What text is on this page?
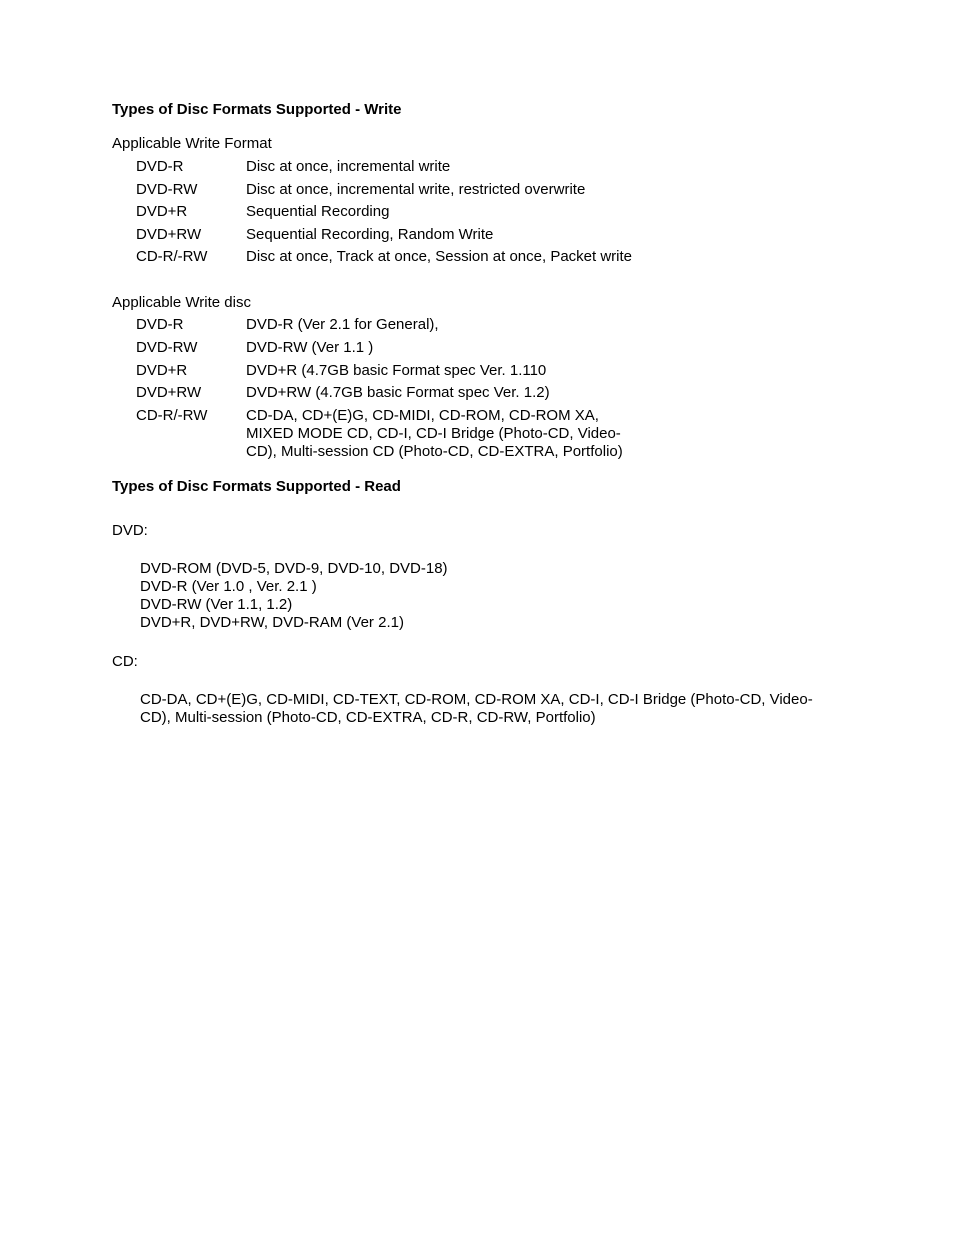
Types of Disc Formats Supported - Write
Applicable Write Format
DVD-R	Disc at once, incremental write
DVD-RW	Disc at once, incremental write, restricted overwrite
DVD+R	Sequential Recording
DVD+RW	Sequential Recording, Random Write
CD-R/-RW	Disc at once, Track at once, Session at once, Packet write
Applicable Write disc
DVD-R	DVD-R (Ver 2.1 for General),
DVD-RW	DVD-RW (Ver 1.1 )
DVD+R	DVD+R (4.7GB basic Format spec Ver. 1.110
DVD+RW	DVD+RW (4.7GB basic Format spec Ver. 1.2)
CD-R/-RW	CD-DA, CD+(E)G, CD-MIDI, CD-ROM, CD-ROM XA, MIXED MODE CD, CD-I, CD-I Bridge (Photo-CD, Video-CD), Multi-session CD (Photo-CD, CD-EXTRA, Portfolio)
Types of Disc Formats Supported - Read
DVD:
DVD-ROM (DVD-5, DVD-9, DVD-10, DVD-18)
DVD-R (Ver 1.0 , Ver. 2.1 )
DVD-RW (Ver 1.1, 1.2)
DVD+R, DVD+RW, DVD-RAM (Ver 2.1)
CD:
CD-DA, CD+(E)G, CD-MIDI, CD-TEXT, CD-ROM, CD-ROM XA, CD-I, CD-I Bridge (Photo-CD, Video-CD), Multi-session (Photo-CD, CD-EXTRA, CD-R, CD-RW, Portfolio)
